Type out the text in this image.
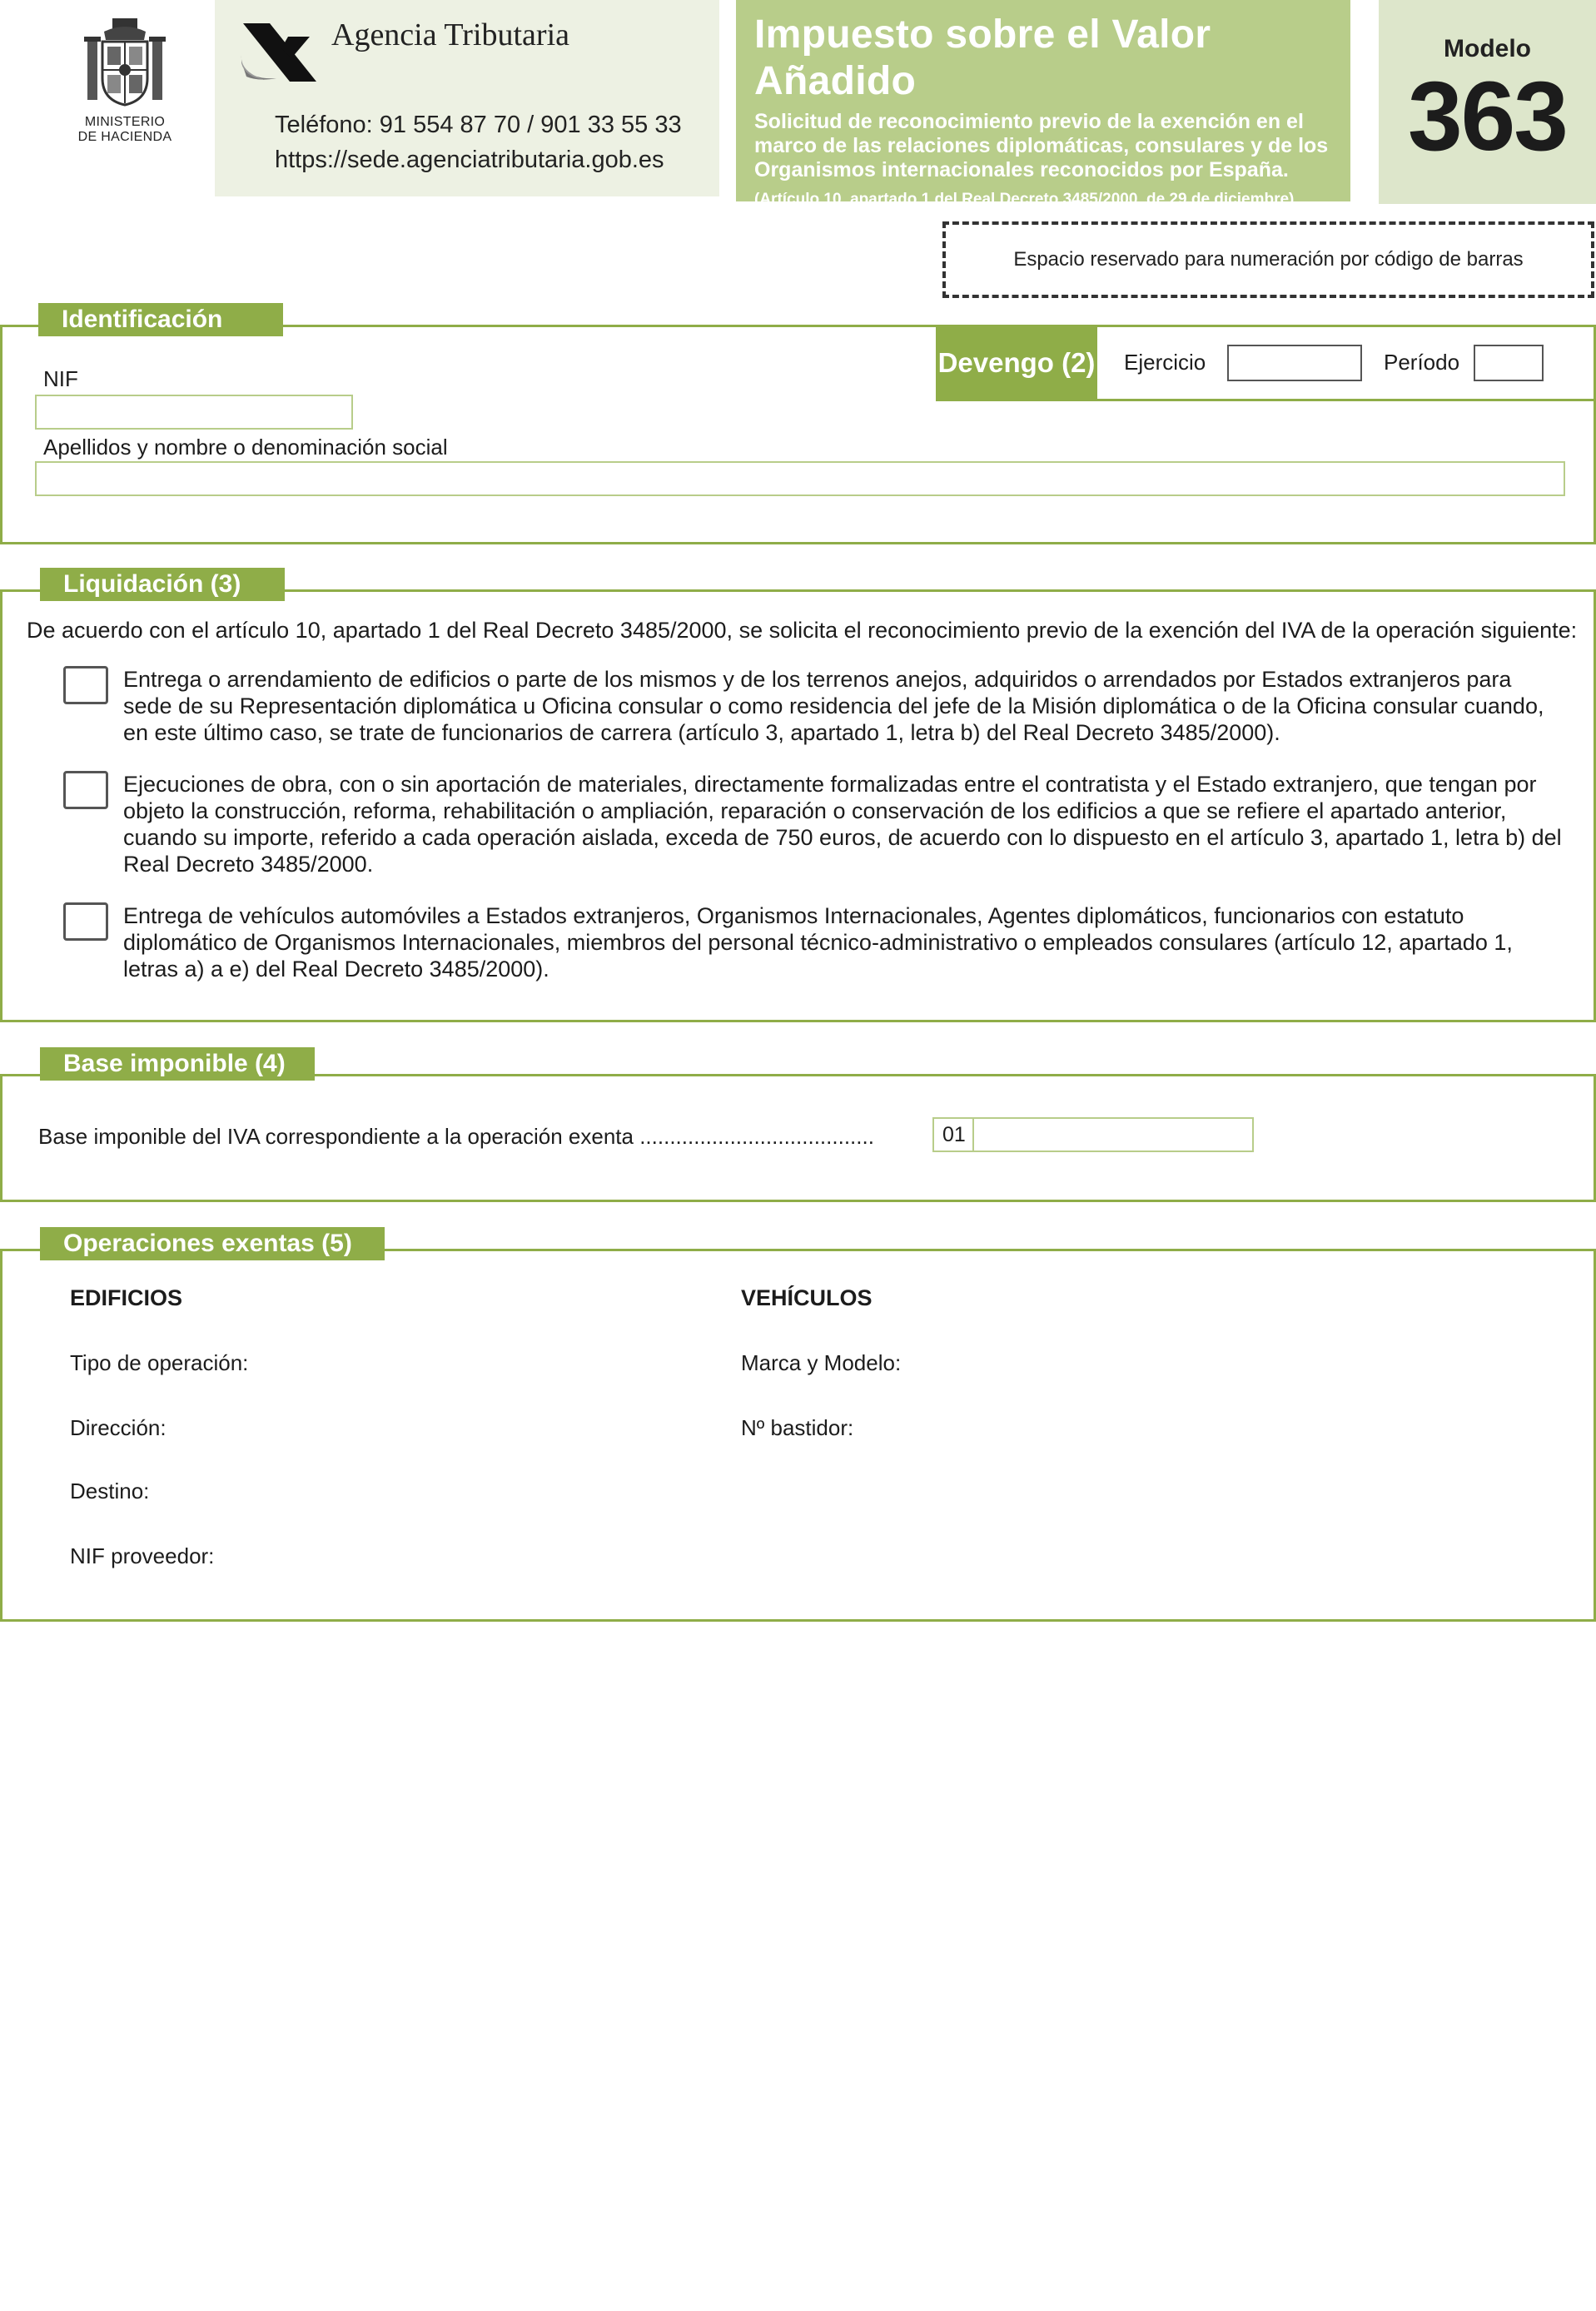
MINISTERIO
DE HACIENDA
Agencia Tributaria
Teléfono: 91 554 87 70 / 901 33 55 33
https://sede.agenciatributaria.gob.es
Impuesto sobre el Valor Añadido
Solicitud de reconocimiento previo de la exención en el marco de las relaciones diplomáticas, consulares y de los Organismos internacionales reconocidos por España.
(Artículo 10, apartado 1 del Real Decreto 3485/2000, de 29 de diciembre)
Modelo
363
Espacio reservado para numeración por código de barras
Identificación (1)
NIF
Apellidos y nombre o denominación social
Devengo (2) Ejercicio	Período
Liquidación (3)
De acuerdo con el artículo 10, apartado 1 del Real Decreto 3485/2000, se solicita el reconocimiento previo de la exención del IVA de la operación siguiente:
Entrega o arrendamiento de edificios o parte de los mismos y de los terrenos anejos, adquiridos o arrendados por Estados extranjeros para sede de su Representación diplomática u Oficina consular o como residencia del jefe de la Misión diplomática o de la Oficina consular cuando, en este último caso, se trate de funcionarios de carrera (artículo 3, apartado 1, letra b) del Real Decreto 3485/2000).
Ejecuciones de obra, con o sin aportación de materiales, directamente formalizadas entre el contratista y el Estado extranjero, que tengan por objeto la construcción, reforma, rehabilitación o ampliación, reparación o conservación de los edificios a que se refiere el apartado anterior, cuando su importe, referido a cada operación aislada, exceda de 750 euros, de acuerdo con lo dispuesto en el artículo 3, apartado 1, letra b) del Real Decreto 3485/2000.
Entrega de vehículos automóviles a Estados extranjeros, Organismos Internacionales, Agentes diplomáticos, funcionarios con estatuto diplomático de Organismos Internacionales, miembros del personal técnico-administrativo o empleados consulares (artículo 12, apartado 1, letras a) a e) del Real Decreto 3485/2000).
Base imponible (4)
Base imponible del IVA correspondiente a la operación exenta .......................................	01
Operaciones exentas (5)
EDIFICIOS
Tipo de operación:
Dirección:
Destino:
NIF proveedor:
VEHÍCULOS
Marca y Modelo:
Nº bastidor:
